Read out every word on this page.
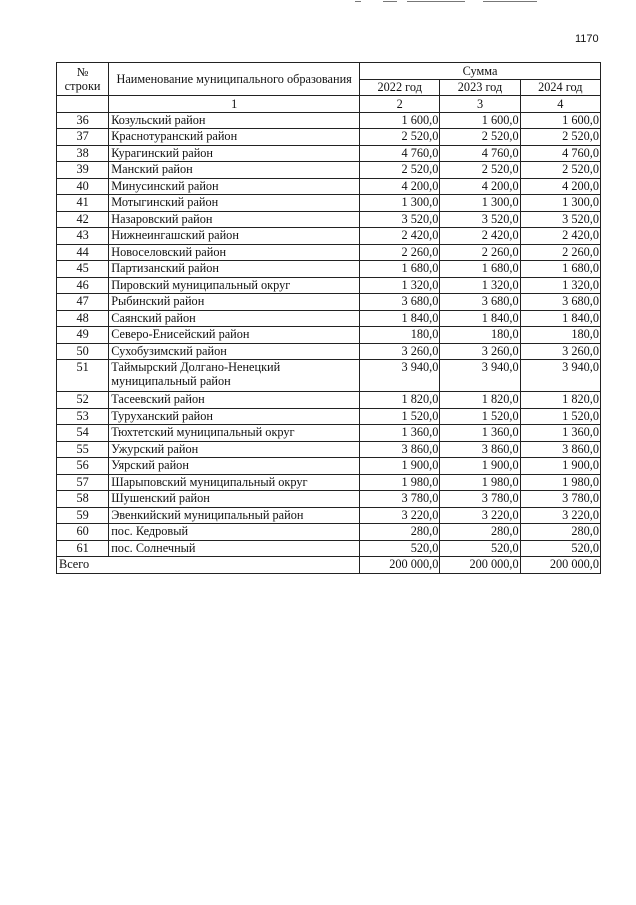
1170
№ строки	Наименование муниципального образования	Сумма		
		2022 год	2023 год	2024 год
	1	2	3	4
36	Козульский район	1 600,0	1 600,0	1 600,0
37	Краснотуранский район	2 520,0	2 520,0	2 520,0
38	Курагинский район	4 760,0	4 760,0	4 760,0
39	Манский район	2 520,0	2 520,0	2 520,0
40	Минусинский район	4 200,0	4 200,0	4 200,0
41	Мотыгинский район	1 300,0	1 300,0	1 300,0
42	Назаровский район	3 520,0	3 520,0	3 520,0
43	Нижнеингашский район	2 420,0	2 420,0	2 420,0
44	Новоселовский район	2 260,0	2 260,0	2 260,0
45	Партизанский район	1 680,0	1 680,0	1 680,0
46	Пировский муниципальный округ	1 320,0	1 320,0	1 320,0
47	Рыбинский район	3 680,0	3 680,0	3 680,0
48	Саянский район	1 840,0	1 840,0	1 840,0
49	Северо-Енисейский район	180,0	180,0	180,0
50	Сухобузимский район	3 260,0	3 260,0	3 260,0
51	Таймырский Долгано-Ненецкий муниципальный район	3 940,0	3 940,0	3 940,0
52	Тасеевский район	1 820,0	1 820,0	1 820,0
53	Туруханский район	1 520,0	1 520,0	1 520,0
54	Тюхтетский муниципальный округ	1 360,0	1 360,0	1 360,0
55	Ужурский район	3 860,0	3 860,0	3 860,0
56	Уярский район	1 900,0	1 900,0	1 900,0
57	Шарыповский муниципальный округ	1 980,0	1 980,0	1 980,0
58	Шушенский район	3 780,0	3 780,0	3 780,0
59	Эвенкийский муниципальный район	3 220,0	3 220,0	3 220,0
60	пос. Кедровый	280,0	280,0	280,0
61	пос. Солнечный	520,0	520,0	520,0
Всего		200 000,0	200 000,0	200 000,0
